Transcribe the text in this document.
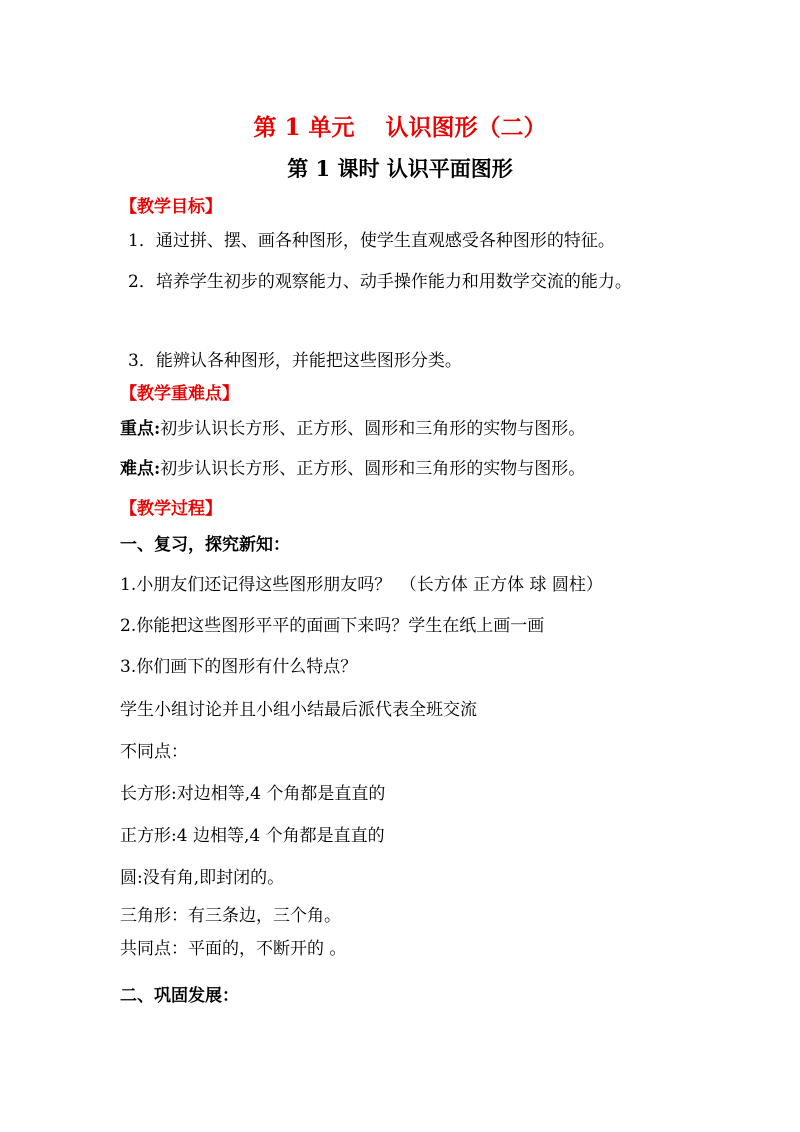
第 1 单元　 认识图形（二）
第 1 课时 认识平面图形
【教学目标】
1．通过拼、摆、画各种图形，使学生直观感受各种图形的特征。
2．培养学生初步的观察能力、动手操作能力和用数学交流的能力。
3．能辨认各种图形，并能把这些图形分类。
【教学重难点】
重点:初步认识长方形、正方形、圆形和三角形的实物与图形。
难点:初步认识长方形、正方形、圆形和三角形的实物与图形。
【教学过程】
一、复习，探究新知：
1.小朋友们还记得这些图形朋友吗？　（长方体 正方体 球 圆柱）
2.你能把这些图形平平的面画下来吗？学生在纸上画一画
3.你们画下的图形有什么特点？
学生小组讨论并且小组小结最后派代表全班交流
不同点：
长方形:对边相等,4 个角都是直直的
正方形:4 边相等,4 个角都是直直的
圆:没有角,即封闭的。
三角形：有三条边，三个角。
共同点：平面的，不断开的 。
二、巩固发展：
